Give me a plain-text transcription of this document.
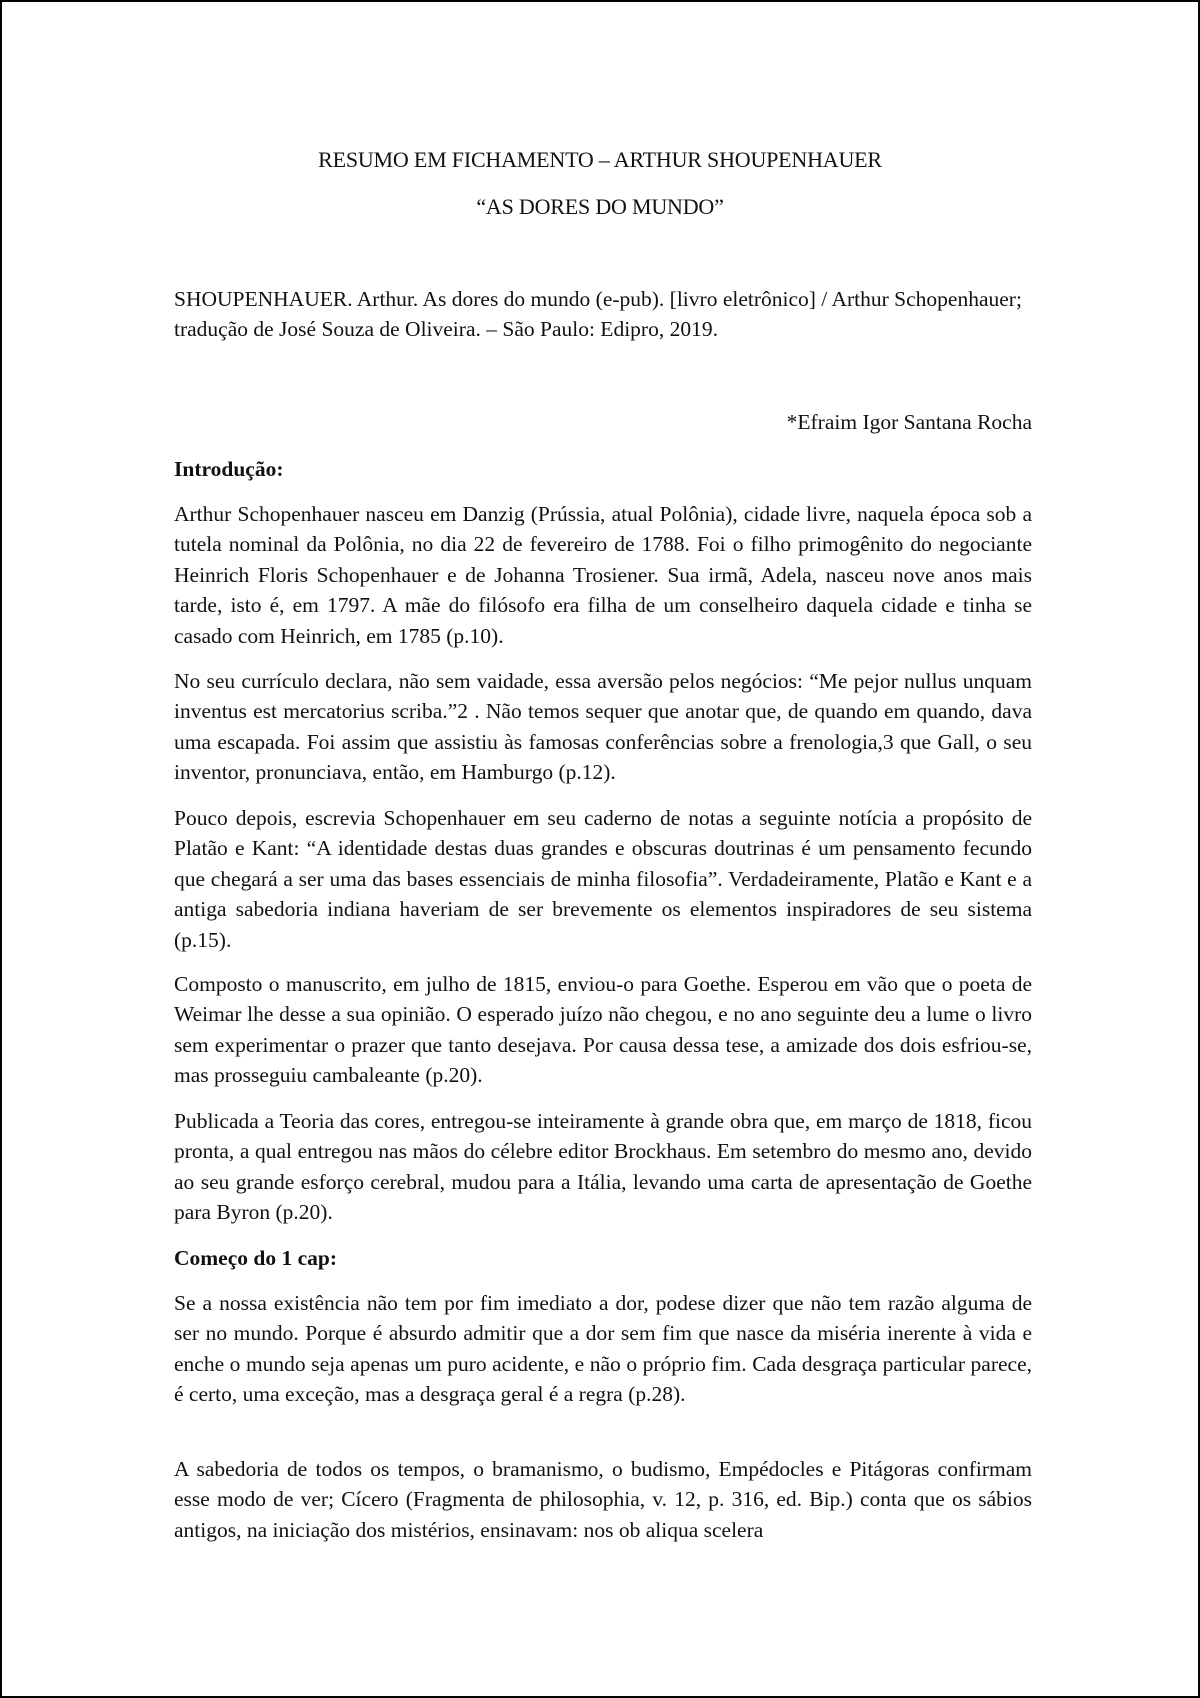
RESUMO EM FICHAMENTO – ARTHUR SHOUPENHAUER
“AS DORES DO MUNDO”
SHOUPENHAUER. Arthur. As dores do mundo (e-pub). [livro eletrônico] / Arthur Schopenhauer; tradução de José Souza de Oliveira. – São Paulo: Edipro, 2019.
*Efraim Igor Santana Rocha
Introdução:
Arthur Schopenhauer nasceu em Danzig (Prússia, atual Polônia), cidade livre, naquela época sob a tutela nominal da Polônia, no dia 22 de fevereiro de 1788. Foi o filho primogênito do negociante Heinrich Floris Schopenhauer e de Johanna Trosiener. Sua irmã, Adela, nasceu nove anos mais tarde, isto é, em 1797. A mãe do filósofo era filha de um conselheiro daquela cidade e tinha se casado com Heinrich, em 1785 (p.10).
No seu currículo declara, não sem vaidade, essa aversão pelos negócios: “Me pejor nullus unquam inventus est mercatorius scriba.”2 . Não temos sequer que anotar que, de quando em quando, dava uma escapada. Foi assim que assistiu às famosas conferências sobre a frenologia,3 que Gall, o seu inventor, pronunciava, então, em Hamburgo (p.12).
Pouco depois, escrevia Schopenhauer em seu caderno de notas a seguinte notícia a propósito de Platão e Kant: “A identidade destas duas grandes e obscuras doutrinas é um pensamento fecundo que chegará a ser uma das bases essenciais de minha filosofia”. Verdadeiramente, Platão e Kant e a antiga sabedoria indiana haveriam de ser brevemente os elementos inspiradores de seu sistema (p.15).
Composto o manuscrito, em julho de 1815, enviou-o para Goethe. Esperou em vão que o poeta de Weimar lhe desse a sua opinião. O esperado juízo não chegou, e no ano seguinte deu a lume o livro sem experimentar o prazer que tanto desejava. Por causa dessa tese, a amizade dos dois esfriou-se, mas prosseguiu cambaleante (p.20).
Publicada a Teoria das cores, entregou-se inteiramente à grande obra que, em março de 1818, ficou pronta, a qual entregou nas mãos do célebre editor Brockhaus. Em setembro do mesmo ano, devido ao seu grande esforço cerebral, mudou para a Itália, levando uma carta de apresentação de Goethe para Byron (p.20).
Começo do 1 cap:
Se a nossa existência não tem por fim imediato a dor, podese dizer que não tem razão alguma de ser no mundo. Porque é absurdo admitir que a dor sem fim que nasce da miséria inerente à vida e enche o mundo seja apenas um puro acidente, e não o próprio fim. Cada desgraça particular parece, é certo, uma exceção, mas a desgraça geral é a regra (p.28).
A sabedoria de todos os tempos, o bramanismo, o budismo, Empédocles e Pitágoras confirmam esse modo de ver; Cícero (Fragmenta de philosophia, v. 12, p. 316, ed. Bip.) conta que os sábios antigos, na iniciação dos mistérios, ensinavam: nos ob aliqua scelera
